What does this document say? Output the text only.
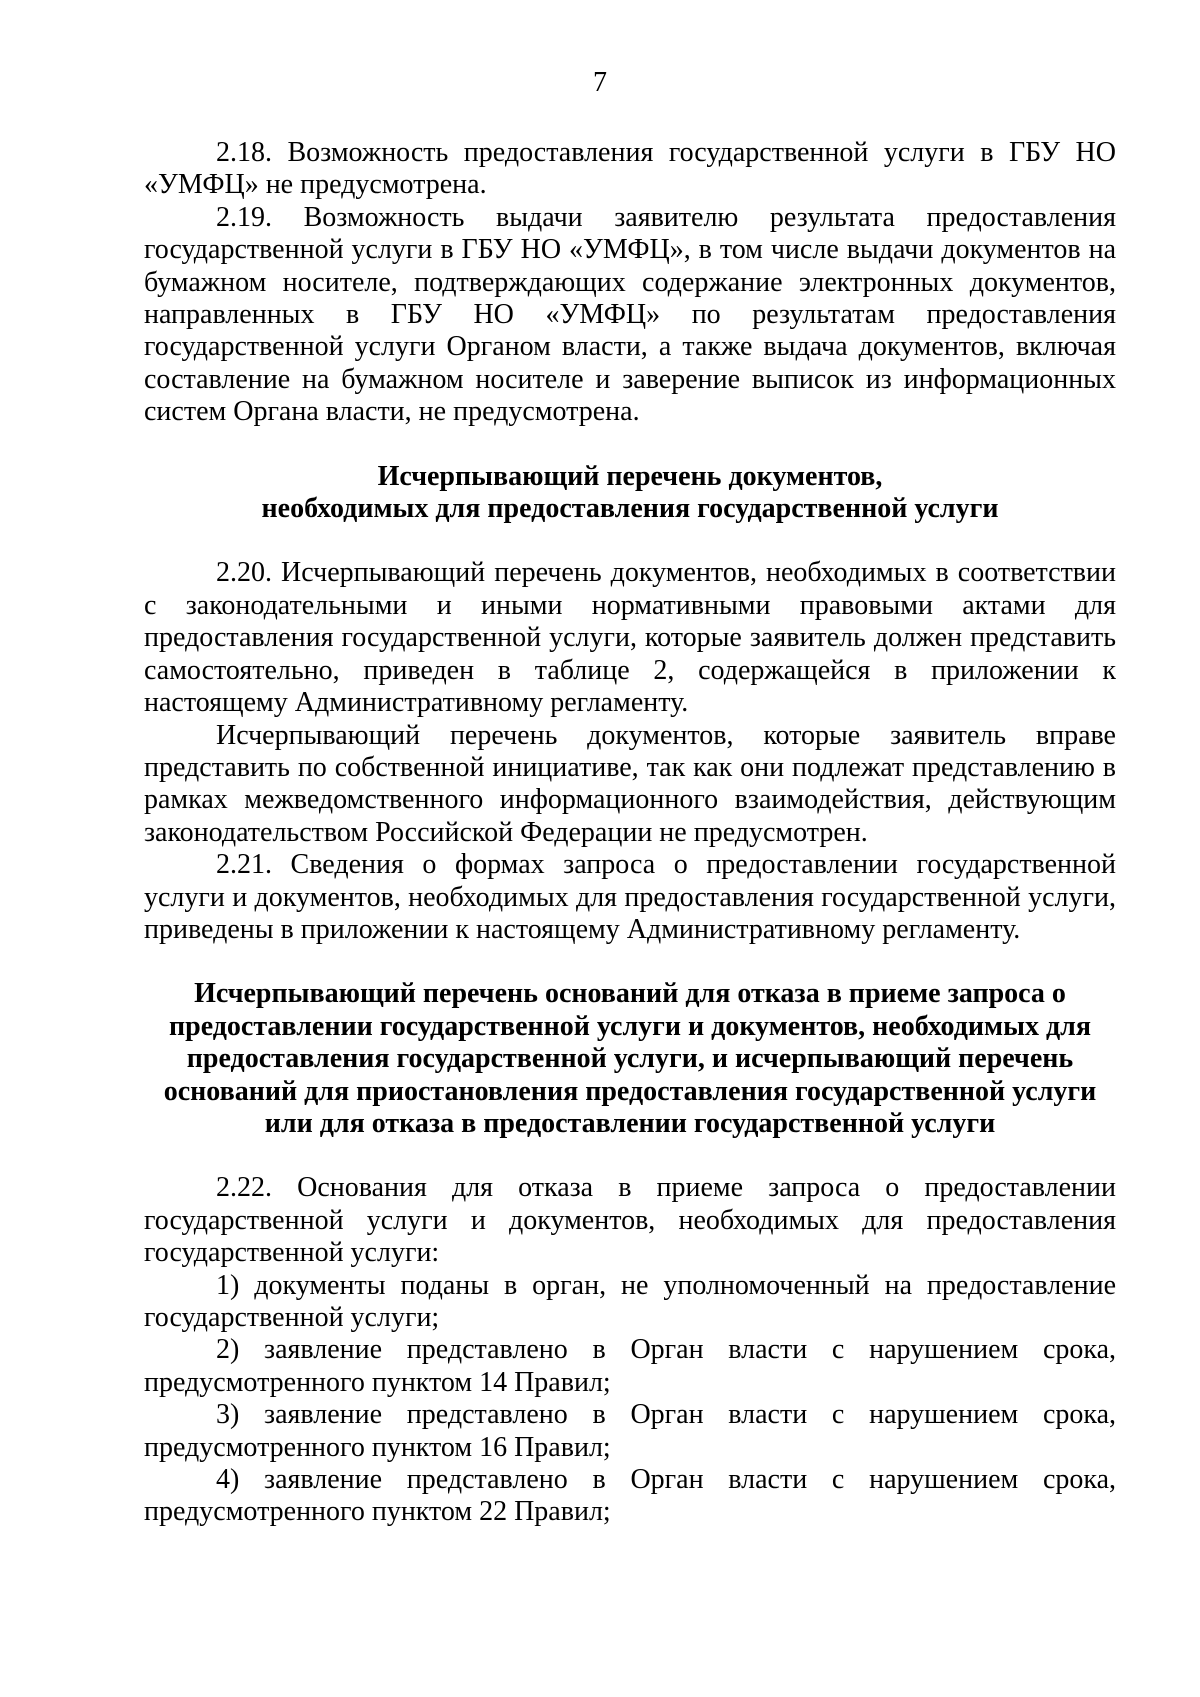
7

2.18. Возможность предоставления государственной услуги в ГБУ НО «УМФЦ» не предусмотрена.

2.19. Возможность выдачи заявителю результата предоставления государственной услуги в ГБУ НО «УМФЦ», в том числе выдачи документов на бумажном носителе, подтверждающих содержание электронных документов, направленных в ГБУ НО «УМФЦ» по результатам предоставления государственной услуги Органом власти, а также выдача документов, включая составление на бумажном носителе и заверение выписок из информационных систем Органа власти, не предусмотрена.

Исчерпывающий перечень документов,
необходимых для предоставления государственной услуги

2.20. Исчерпывающий перечень документов, необходимых в соответствии с законодательными и иными нормативными правовыми актами для предоставления государственной услуги, которые заявитель должен представить самостоятельно, приведен в таблице 2, содержащейся в приложении к настоящему Административному регламенту.

Исчерпывающий перечень документов, которые заявитель вправе представить по собственной инициативе, так как они подлежат представлению в рамках межведомственного информационного взаимодействия, действующим законодательством Российской Федерации не предусмотрен.

2.21. Сведения о формах запроса о предоставлении государственной услуги и документов, необходимых для предоставления государственной услуги, приведены в приложении к настоящему Административному регламенту.

Исчерпывающий перечень оснований для отказа в приеме запроса о
предоставлении государственной услуги и документов, необходимых для
предоставления государственной услуги, и исчерпывающий перечень
оснований для приостановления предоставления государственной услуги
или для отказа в предоставлении государственной услуги

2.22. Основания для отказа в приеме запроса о предоставлении государственной услуги и документов, необходимых для предоставления государственной услуги:

1) документы поданы в орган, не уполномоченный на предоставление государственной услуги;

2) заявление представлено в Орган власти с нарушением срока, предусмотренного пунктом 14 Правил;

3) заявление представлено в Орган власти с нарушением срока, предусмотренного пунктом 16 Правил;

4) заявление представлено в Орган власти с нарушением срока, предусмотренного пунктом 22 Правил;
